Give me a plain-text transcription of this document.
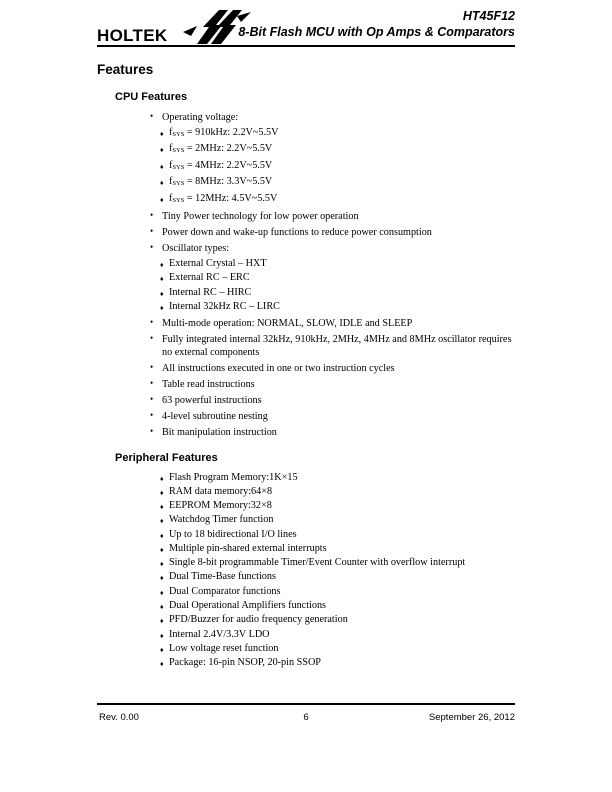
HOLTEK
HT45F12
8-Bit Flash MCU with Op Amps & Comparators
Features
CPU Features
• Operating voltage:
♦ $f_{SYS} = 910kHz$: 2.2V~5.5V
♦ $f_{SYS} = 2MHz$: 2.2V~5.5V
♦ $f_{SYS} = 4MHz$: 2.2V~5.5V
♦ $f_{SYS} = 8MHz$: 3.3V~5.5V
♦ $f_{SYS} = 12MHz$: 4.5V~5.5V
• Tiny Power technology for low power operation
• Power down and wake-up functions to reduce power consumption
• Oscillator types:
♦ External Crystal – HXT
♦ External RC – ERC
♦ Internal RC – HIRC
♦ Internal 32kHz RC – LIRC
• Multi-mode operation: NORMAL, SLOW, IDLE and SLEEP
• Fully integrated internal 32kHz, 910kHz, 2MHz, 4MHz and 8MHz oscillator requires no external components
• All instructions executed in one or two instruction cycles
• Table read instructions
• 63 powerful instructions
• 4-level subroutine nesting
• Bit manipulation instruction
Peripheral Features
♦ Flash Program Memory:1K×15
♦ RAM data memory:64×8
♦ EEPROM Memory:32×8
♦ Watchdog Timer function
♦ Up to 18 bidirectional I/O lines
♦ Multiple pin-shared external interrupts
♦ Single 8-bit programmable Timer/Event Counter with overflow interrupt
♦ Dual Time-Base functions
♦ Dual Comparator functions
♦ Dual Operational Amplifiers functions
♦ PFD/Buzzer for audio frequency generation
♦ Internal 2.4V/3.3V LDO
♦ Low voltage reset function
♦ Package: 16-pin NSOP, 20-pin SSOP
Rev. 0.00	6	September 26, 2012
